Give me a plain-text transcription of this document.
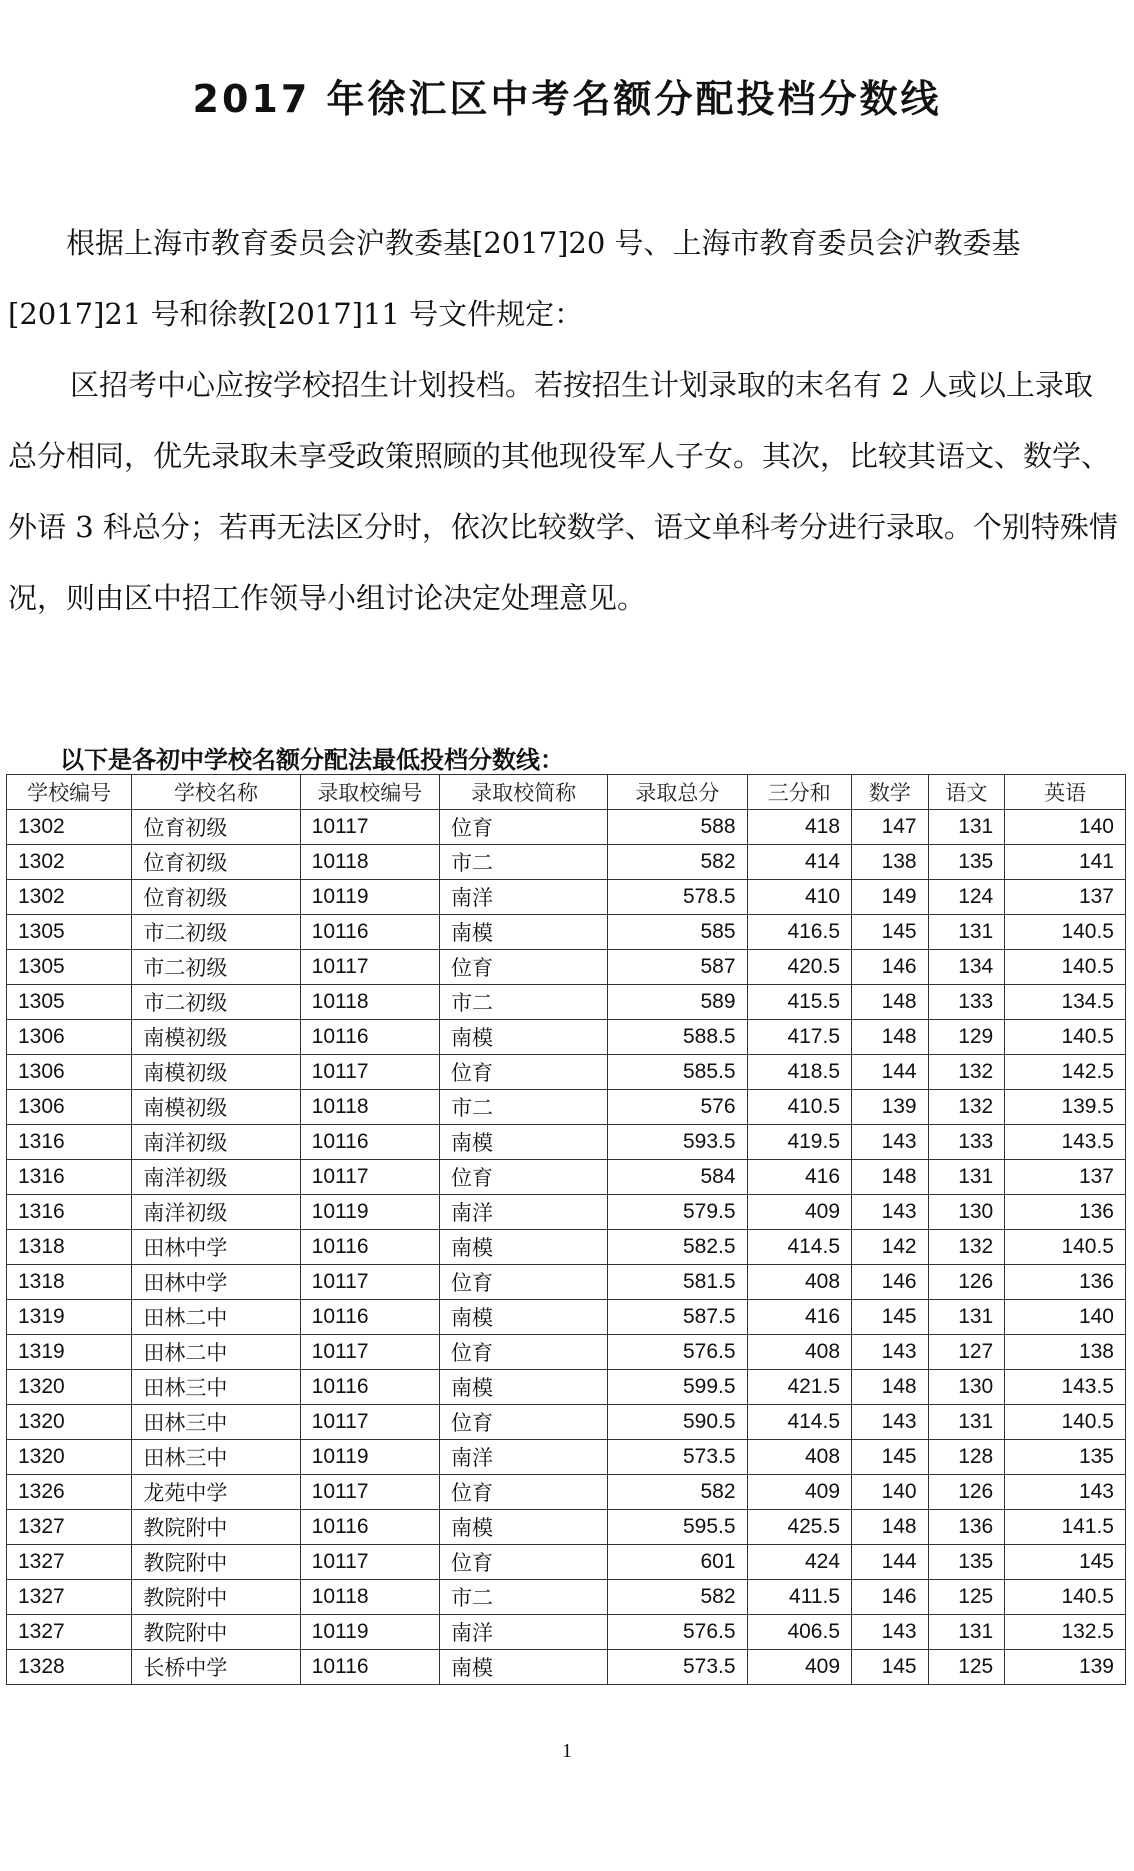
2017 年徐汇区中考名额分配投档分数线

根据上海市教育委员会沪教委基[2017]20 号、上海市教育委员会沪教委基[2017]21 号和徐教[2017]11 号文件规定：

区招考中心应按学校招生计划投档。若按招生计划录取的末名有 2 人或以上录取总分相同，优先录取未享受政策照顾的其他现役军人子女。其次，比较其语文、数学、外语 3 科总分；若再无法区分时，依次比较数学、语文单科考分进行录取。个别特殊情况，则由区中招工作领导小组讨论决定处理意见。

以下是各初中学校名额分配法最低投档分数线：
学校编号	学校名称	录取校编号	录取校简称	录取总分	三分和	数学	语文	英语
1302	位育初级	10117	位育	588	418	147	131	140
1302	位育初级	10118	市二	582	414	138	135	141
1302	位育初级	10119	南洋	578.5	410	149	124	137
1305	市二初级	10116	南模	585	416.5	145	131	140.5
1305	市二初级	10117	位育	587	420.5	146	134	140.5
1305	市二初级	10118	市二	589	415.5	148	133	134.5
1306	南模初级	10116	南模	588.5	417.5	148	129	140.5
1306	南模初级	10117	位育	585.5	418.5	144	132	142.5
1306	南模初级	10118	市二	576	410.5	139	132	139.5
1316	南洋初级	10116	南模	593.5	419.5	143	133	143.5
1316	南洋初级	10117	位育	584	416	148	131	137
1316	南洋初级	10119	南洋	579.5	409	143	130	136
1318	田林中学	10116	南模	582.5	414.5	142	132	140.5
1318	田林中学	10117	位育	581.5	408	146	126	136
1319	田林二中	10116	南模	587.5	416	145	131	140
1319	田林二中	10117	位育	576.5	408	143	127	138
1320	田林三中	10116	南模	599.5	421.5	148	130	143.5
1320	田林三中	10117	位育	590.5	414.5	143	131	140.5
1320	田林三中	10119	南洋	573.5	408	145	128	135
1326	龙苑中学	10117	位育	582	409	140	126	143
1327	教院附中	10116	南模	595.5	425.5	148	136	141.5
1327	教院附中	10117	位育	601	424	144	135	145
1327	教院附中	10118	市二	582	411.5	146	125	140.5
1327	教院附中	10119	南洋	576.5	406.5	143	131	132.5
1328	长桥中学	10116	南模	573.5	409	145	125	139
1
